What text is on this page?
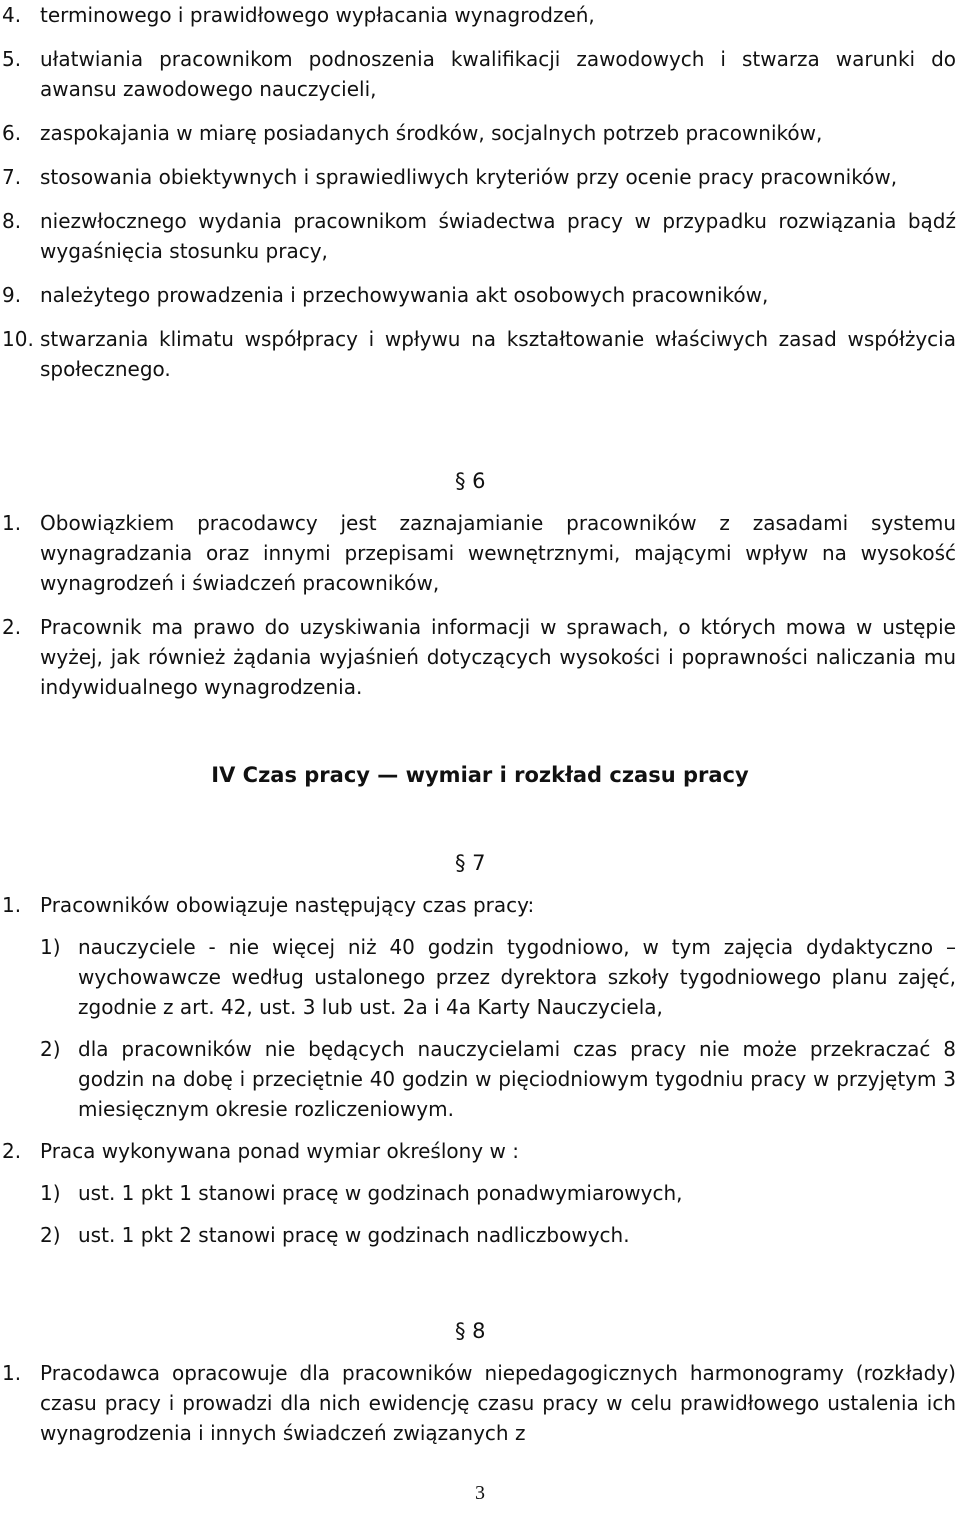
4. terminowego i prawidłowego wypłacania wynagrodzeń,
5. ułatwiania pracownikom podnoszenia kwalifikacji zawodowych i stwarza warunki do awansu zawodowego nauczycieli,
6. zaspokajania w miarę posiadanych środków, socjalnych potrzeb pracowników,
7. stosowania obiektywnych i sprawiedliwych kryteriów przy ocenie pracy pracowników,
8. niezwłocznego wydania pracownikom świadectwa pracy w przypadku rozwiązania bądź wygaśnięcia stosunku pracy,
9. należytego prowadzenia i przechowywania akt osobowych pracowników,
10. stwarzania klimatu współpracy i wpływu na kształtowanie właściwych zasad współżycia społecznego.
§ 6
1. Obowiązkiem pracodawcy jest zaznajamianie pracowników z zasadami systemu wynagradzania oraz innymi przepisami wewnętrznymi, mającymi wpływ na wysokość wynagrodzeń i świadczeń pracowników,
2. Pracownik ma prawo do uzyskiwania informacji w sprawach, o których mowa w ustępie wyżej, jak również żądania wyjaśnień dotyczących wysokości i poprawności naliczania mu indywidualnego wynagrodzenia.
IV Czas pracy — wymiar i rozkład czasu pracy
§ 7
1. Pracowników obowiązuje następujący czas pracy:
1) nauczyciele - nie więcej niż 40 godzin tygodniowo, w tym zajęcia dydaktyczno – wychowawcze według ustalonego przez dyrektora szkoły tygodniowego planu zajęć, zgodnie z art. 42, ust. 3 lub ust. 2a i 4a Karty Nauczyciela,
2) dla pracowników nie będących nauczycielami czas pracy nie może przekraczać 8 godzin na dobę i przeciętnie 40 godzin w pięciodniowym tygodniu pracy w przyjętym 3 miesięcznym okresie rozliczeniowym.
2. Praca wykonywana ponad wymiar określony w :
1) ust. 1 pkt 1 stanowi pracę w godzinach ponadwymiarowych,
2) ust. 1 pkt 2 stanowi pracę w godzinach nadliczbowych.
§ 8
1. Pracodawca opracowuje dla pracowników niepedagogicznych harmonogramy (rozkłady) czasu pracy i prowadzi dla nich ewidencję czasu pracy w celu prawidłowego ustalenia ich wynagrodzenia i innych świadczeń związanych z
3
